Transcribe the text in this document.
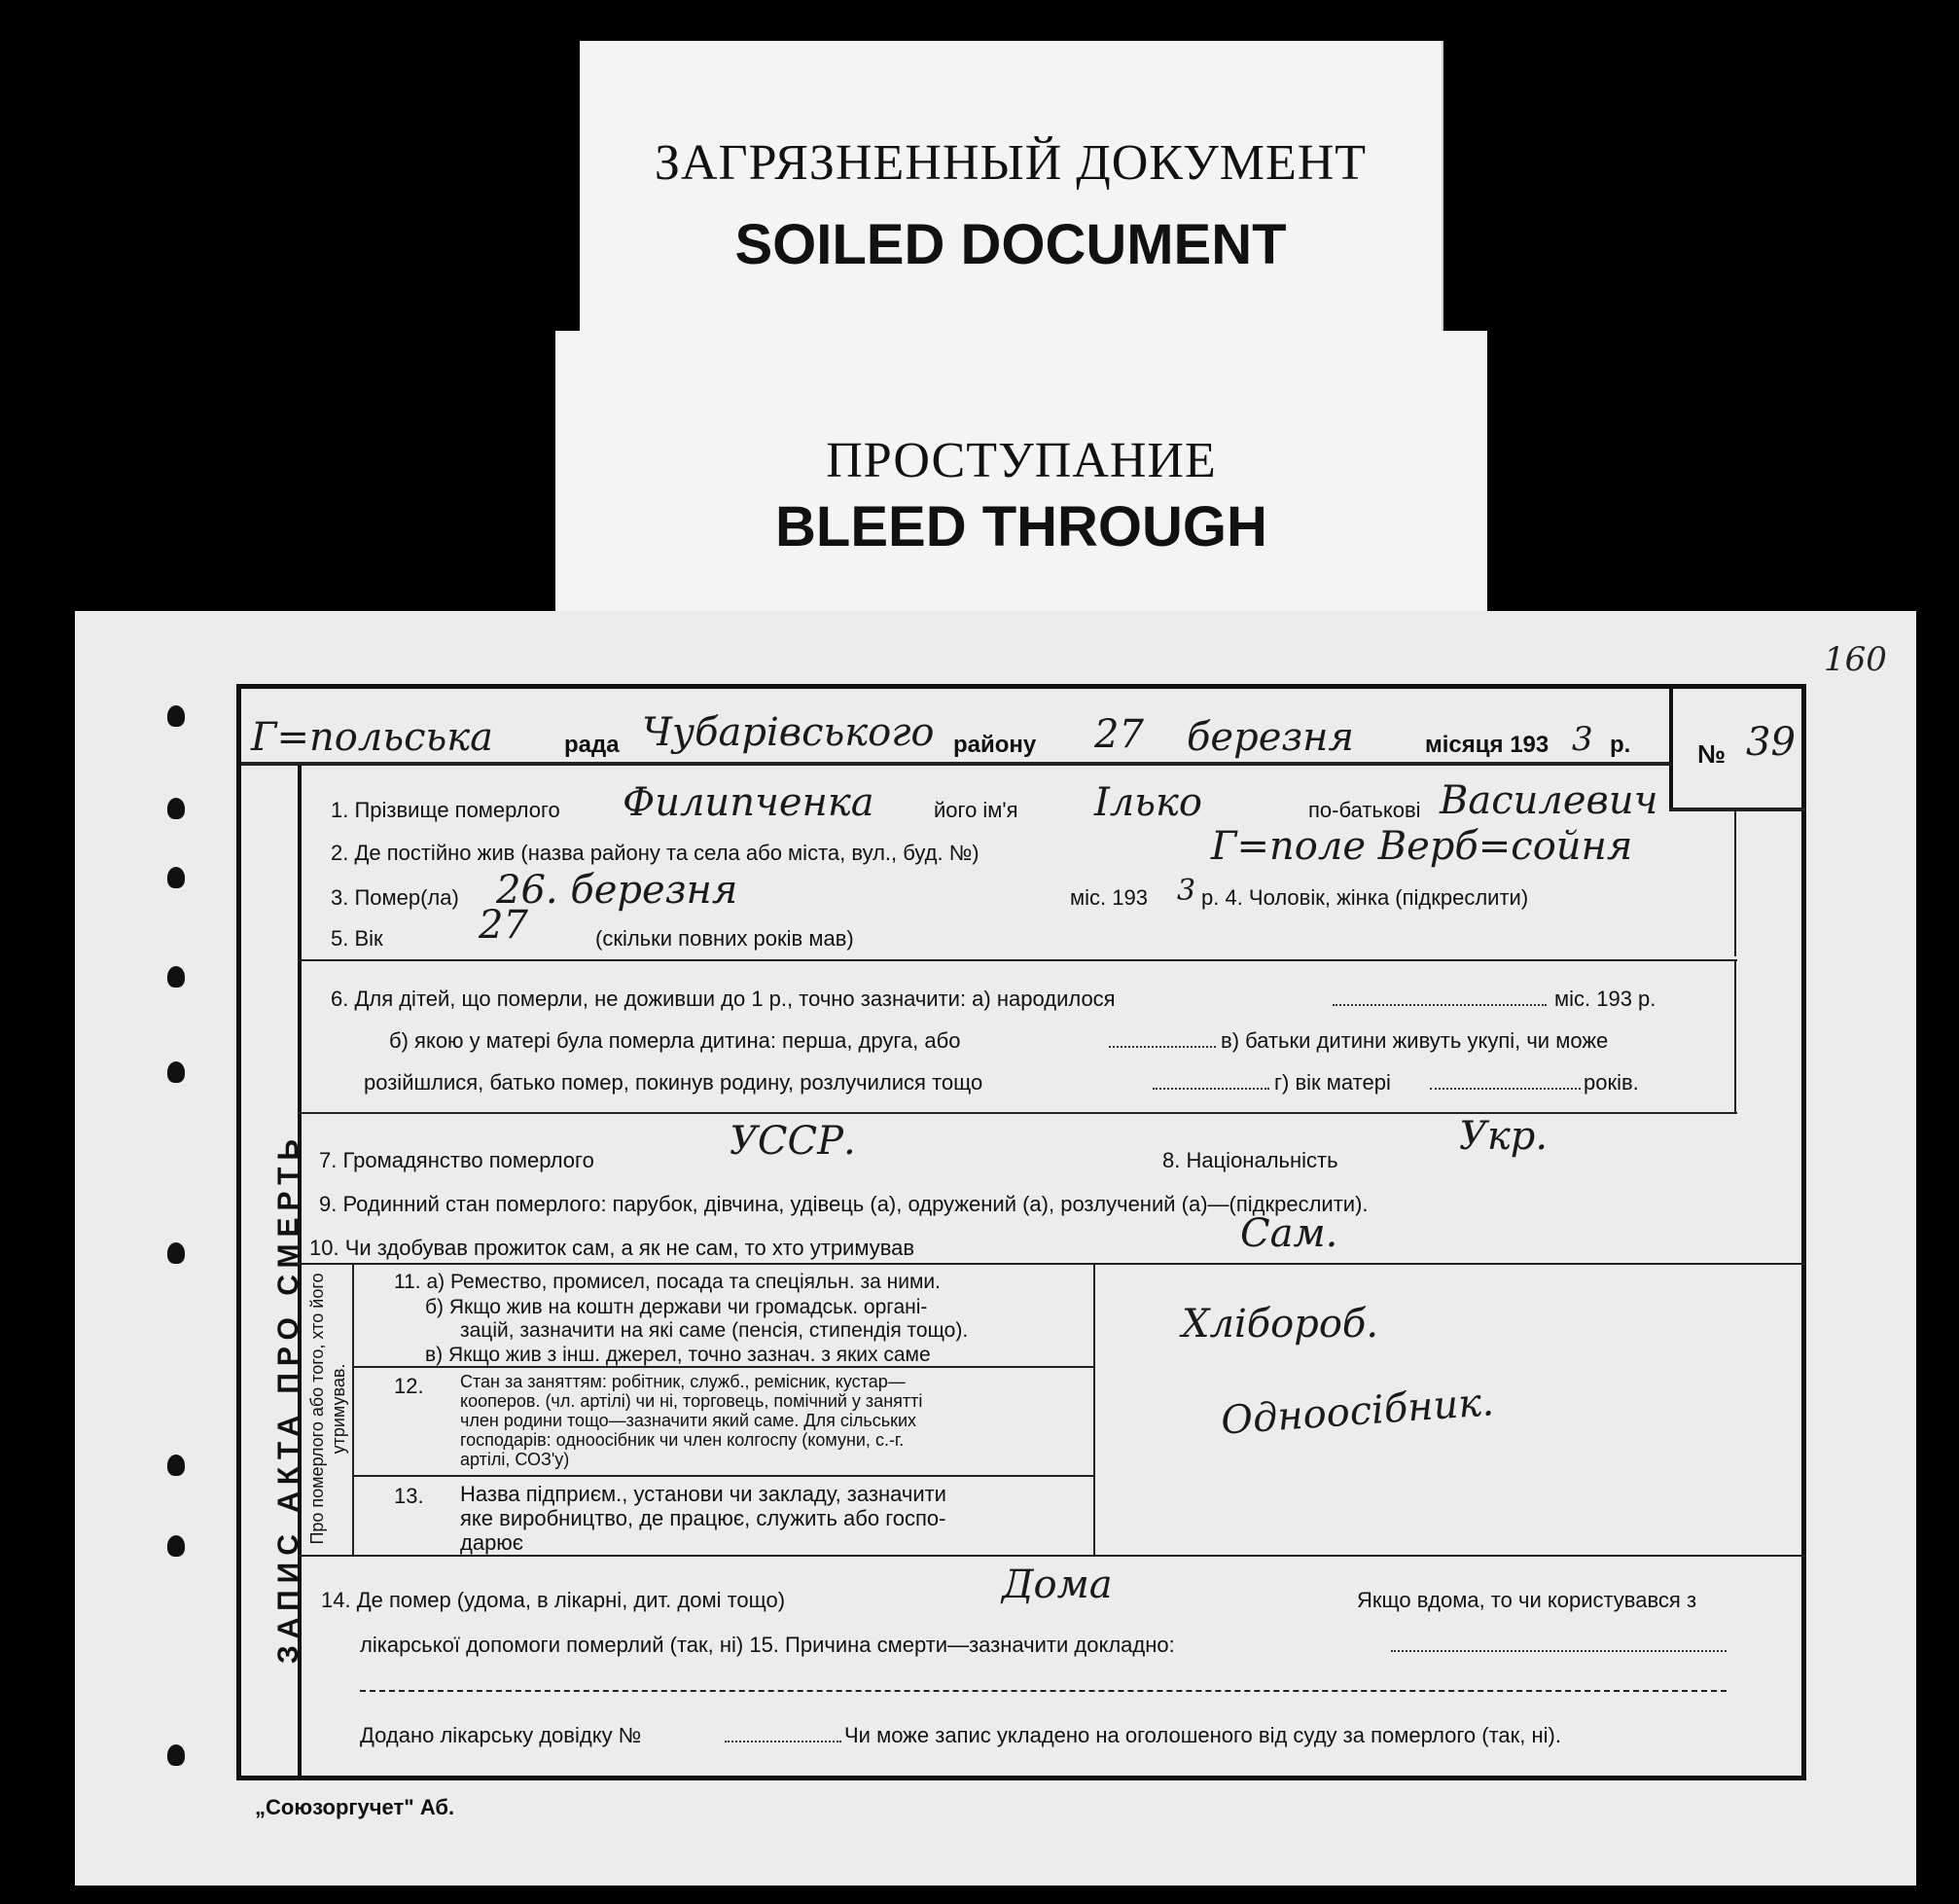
ЗАГРЯЗНЕННЫЙ ДОКУМЕНТ
SOILED DOCUMENT
ПРОСТУПАНИЕ
BLEED THROUGH
160
ЗАПИС АКТА ПРО СМЕРТЬ Про померлого або того, хто його утримував.
Г=польська	рада Чубарівського району 27 березня	місяця 193 3 р.	№ 39
1. Прізвище померлого Филипченка	його ім'я Ілько	по-батькові Василевич
2. Де постійно жив (назва району та села або міста, вул., буд. №)	Г=поле Верб=сойня
3. Помер(ла) 26. березня	міс. 193 3 р. 4. Чоловік, жінка (підкреслити)
5. Вік 27	(скільки повних років мав)
6. Для дітей, що померли, не доживши до 1 р., точно зазначити: а) народилося	міс. 193 р.
б) якою у матері була померла дитина: перша, друга, або	в) батьки дитини живуть укупі, чи може
розійшлися, батько помер, покинув родину, розлучилися тощо	г) вік матері	років.
7. Громадянство померлого	УССР.	8. Національність
Укр.
9. Родинний стан померлого: парубок, дівчина, удівець (а), одружений (а), розлучений (а)—(підкреслити).
10. Чи здобував прожиток сам, а як не сам, то хто утримував	Сам.
11. а) Ремество, промисел, посада та спеціяльн. за ними.
б) Якщо жив на коштн держави чи громадськ. органі-
зацій, зазначити на які саме (пенсія, стипендія тощо).
в) Якщо жив з інш. джерел, точно зазнач. з яких саме
Хлібороб.
12. Стан за заняттям: робітник, служб., ремісник, кустар—
кооперов. (чл. артілі) чи ні, торговець, помічний у занятті
член родини тощо—зазначити який саме. Для сільських
господарів: одноосібник чи член колгоспу (комуни, с.-г.
артілі, СОЗ'у)
Одноосібник.
13. Назва підприєм., установи чи закладу, зазначити
яке виробництво, де працює, служить або госпо-
дарює
14. Де помер (удома, в лікарні, дит. домі тощо)	Дома	Якщо вдома, то чи користувався з
лікарської допомоги померлий (так, ні) 15. Причина смерти—зазначити докладно:
Додано лікарську довідку №	Чи може запис укладено на оголошеного від суду за померлого (так, ні).
„Союзоргучет" Аб.
